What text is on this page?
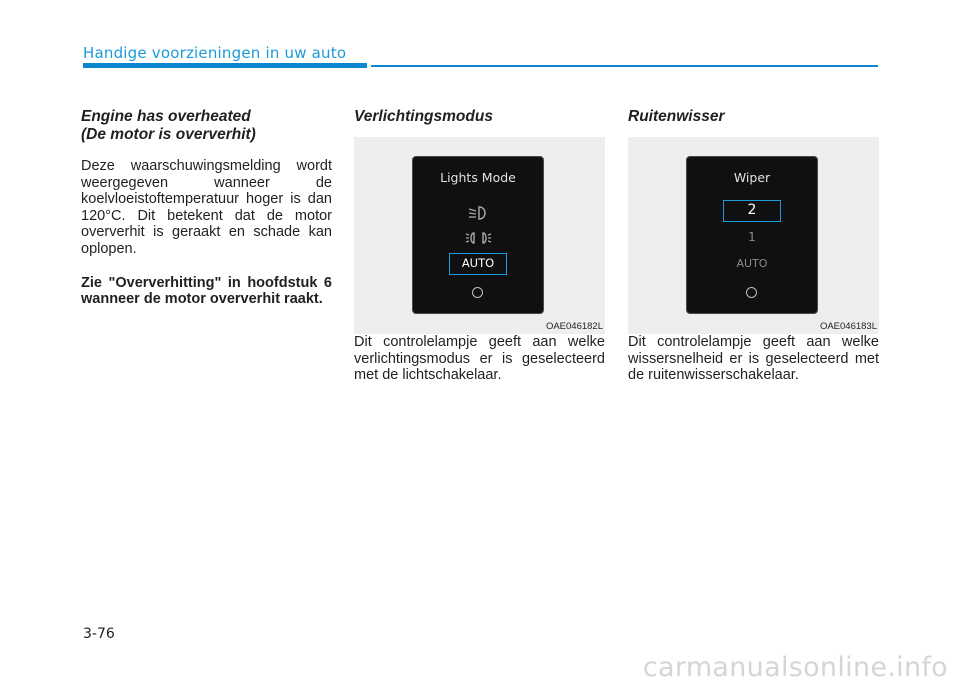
Handige voorzieningen in uw auto
Engine has overheated
(De motor is oververhit)

Deze waarschuwingsmelding wordt weergegeven wanneer de koelvloeistoftemperatuur hoger is dan 120°C. Dit betekent dat de motor oververhit is geraakt en schade kan oplopen.

Zie "Oververhitting" in hoofdstuk 6 wanneer de motor oververhit raakt.

Verlichtingsmodus
Lights Mode
AUTO
OAE046182L

Dit controlelampje geeft aan welke verlichtingsmodus er is geselecteerd met de lichtschakelaar.

Ruitenwisser
Wiper
2
1
AUTO
OAE046183L

Dit controlelampje geeft aan welke wissersnelheid er is geselecteerd met de ruitenwisserschakelaar.

3-76
carmanualsonline.info
